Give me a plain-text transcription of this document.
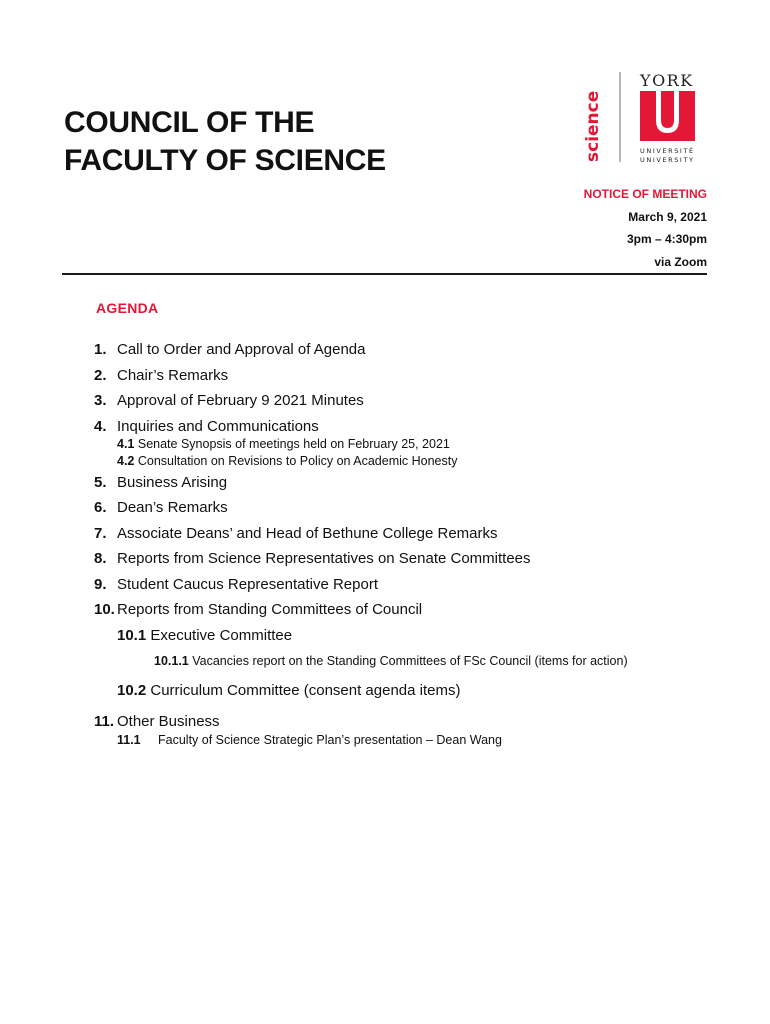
COUNCIL OF THE
FACULTY OF SCIENCE	science
YORK
UNIVERSITÉ
UNIVERSITY
NOTICE OF MEETING
March 9, 2021
3pm – 4:30pm
via Zoom
AGENDA
1. Call to Order and Approval of Agenda
2. Chair’s Remarks
3. Approval of February 9 2021 Minutes
4. Inquiries and Communications
4.1 Senate Synopsis of meetings held on February 25, 2021
4.2 Consultation on Revisions to Policy on Academic Honesty
5. Business Arising
6. Dean’s Remarks
7. Associate Deans’ and Head of Bethune College Remarks
8. Reports from Science Representatives on Senate Committees
9. Student Caucus Representative Report
10. Reports from Standing Committees of Council
10.1 Executive Committee
10.1.1 Vacancies report on the Standing Committees of FSc Council (items for action)
10.2 Curriculum Committee (consent agenda items)
11. Other Business
11.1 Faculty of Science Strategic Plan’s presentation – Dean Wang
